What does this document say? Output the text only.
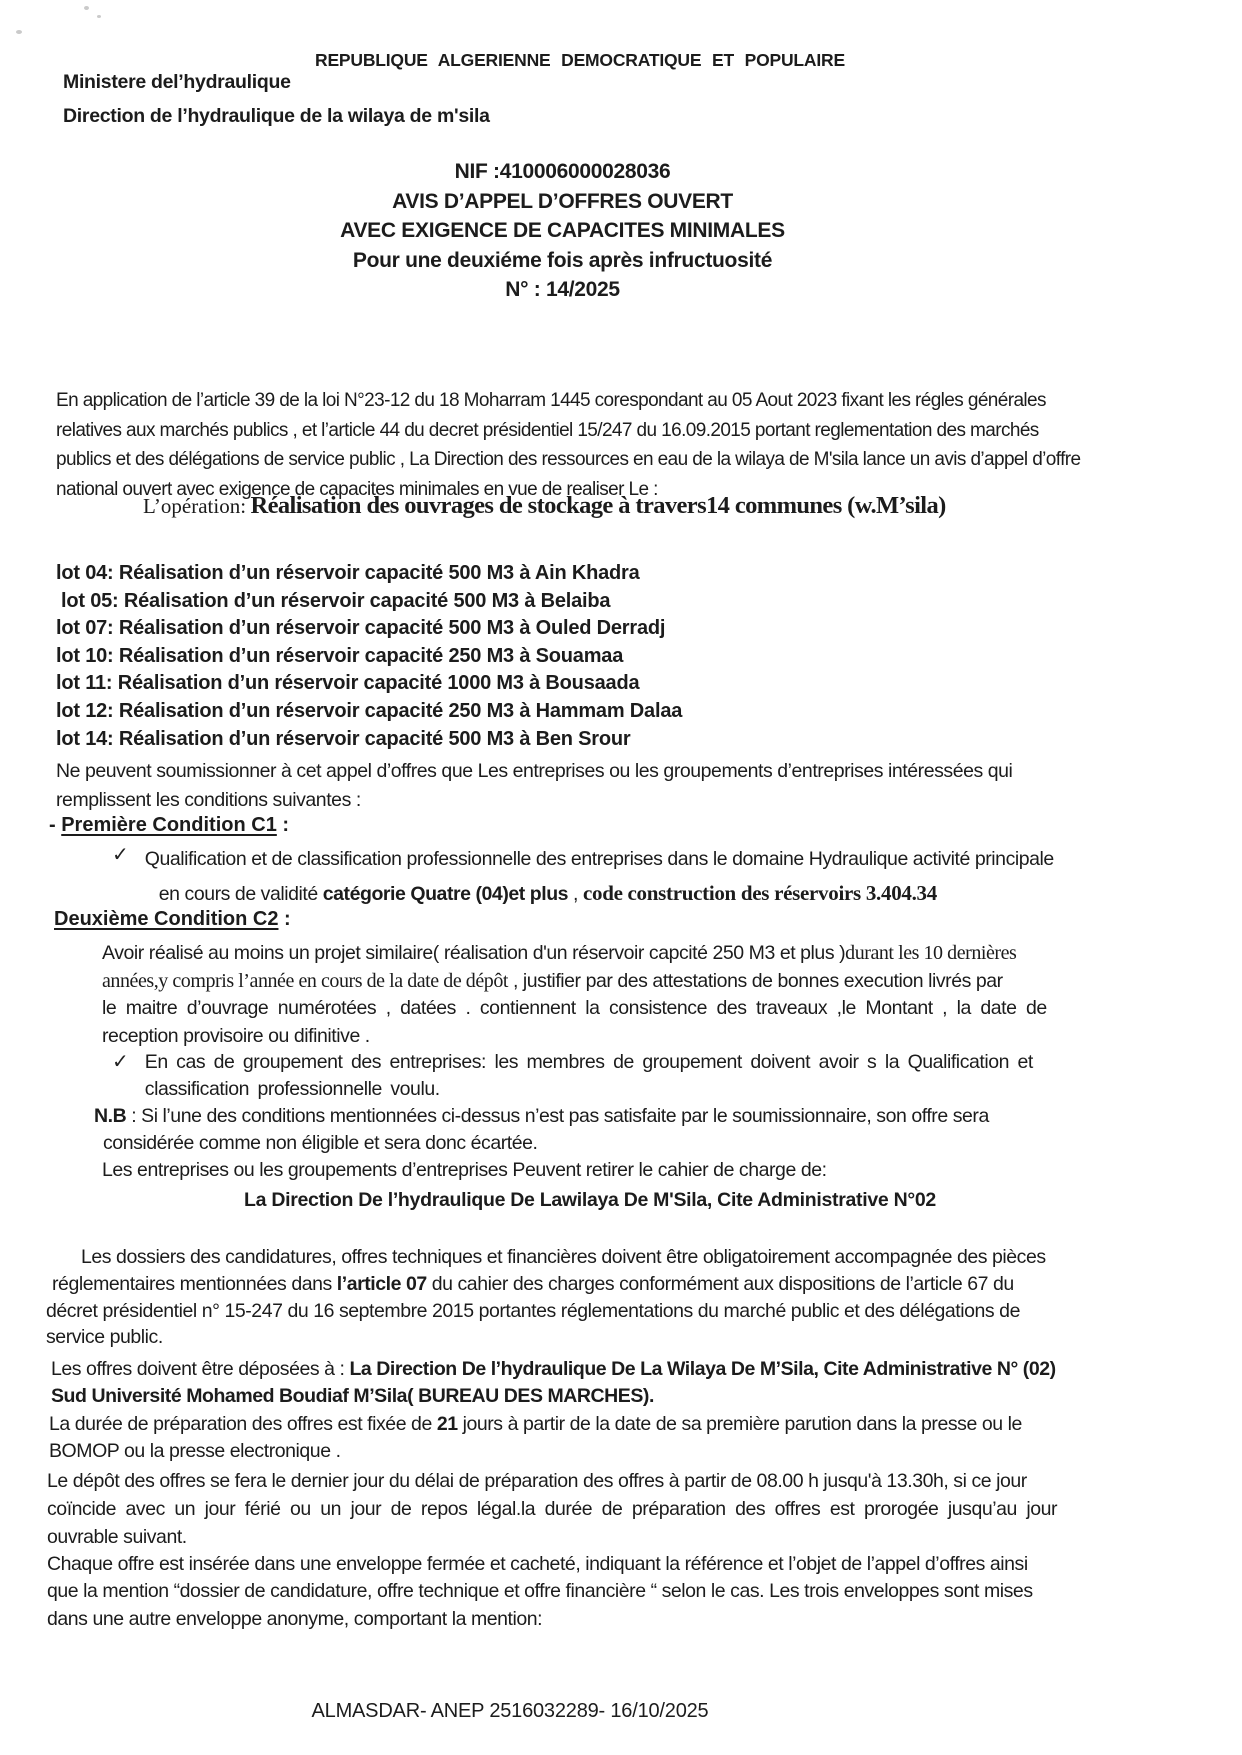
REPUBLIQUE ALGERIENNE DEMOCRATIQUE ET POPULAIRE
Ministere del’hydraulique
Direction de l’hydraulique de la wilaya de m'sila
NIF :410006000028036
AVIS D’APPEL D’OFFRES OUVERT
AVEC EXIGENCE DE CAPACITES MINIMALES
Pour une deuxiéme fois après infructuosité
N° : 14/2025
En application de l’article 39 de la loi N°23-12 du 18 Moharram 1445 corespondant au 05 Aout 2023 fixant les régles générales
relatives aux marchés publics , et l’article 44 du decret présidentiel 15/247 du 16.09.2015 portant reglementation des marchés
publics et des délégations de service public , La Direction des ressources en eau de la wilaya de M'sila lance un avis d’appel d’offre
national ouvert avec exigence de capacites minimales en vue de realiser Le :
L’opération: Réalisation des ouvrages de stockage à travers14 communes (w.M’sila)
lot 04: Réalisation d’un réservoir capacité 500 M3 à Ain Khadra
lot 05: Réalisation d’un réservoir capacité 500 M3 à Belaiba
lot 07: Réalisation d’un réservoir capacité 500 M3 à Ouled Derradj
lot 10: Réalisation d’un réservoir capacité 250 M3 à Souamaa
lot 11: Réalisation d’un réservoir capacité 1000 M3 à Bousaada
lot 12: Réalisation d’un réservoir capacité 250 M3 à Hammam Dalaa
lot 14: Réalisation d’un réservoir capacité 500 M3 à Ben Srour
Ne peuvent soumissionner à cet appel d’offres que Les entreprises ou les groupements d’entreprises intéressées qui
remplissent les conditions suivantes :
- Première Condition C1 :
✓ Qualification et de classification professionnelle des entreprises dans le domaine Hydraulique activité principale
en cours de validité catégorie Quatre (04)et plus , code construction des réservoirs 3.404.34
Deuxième Condition C2 :
Avoir réalisé au moins un projet similaire( réalisation d'un réservoir capcité 250 M3 et plus )durant les 10 dernières
années,y compris l’année en cours de la date de dépôt , justifier par des attestations de bonnes execution livrés par
le maitre d’ouvrage numérotées , datées . contiennent la consistence des traveaux ,le Montant , la date de
reception provisoire ou difinitive .
✓ En cas de groupement des entreprises: les membres de groupement doivent avoir s la Qualification et
classification professionnelle voulu.
N.B : Si l’une des conditions mentionnées ci-dessus n’est pas satisfaite par le soumissionnaire, son offre sera
considérée comme non éligible et sera donc écartée.
Les entreprises ou les groupements d’entreprises Peuvent retirer le cahier de charge de:
La Direction De l’hydraulique De Lawilaya De M'Sila, Cite Administrative N°02
Les dossiers des candidatures, offres techniques et financières doivent être obligatoirement accompagnée des pièces
réglementaires mentionnées dans l’article 07 du cahier des charges conformément aux dispositions de l’article 67 du
décret présidentiel n° 15-247 du 16 septembre 2015 portantes réglementations du marché public et des délégations de
service public.
Les offres doivent être déposées à : La Direction De l’hydraulique De La Wilaya De M’Sila, Cite Administrative N° (02)
Sud Université Mohamed Boudiaf M’Sila( BUREAU DES MARCHES).
La durée de préparation des offres est fixée de 21 jours à partir de la date de sa première parution dans la presse ou le
BOMOP ou la presse electronique .
Le dépôt des offres se fera le dernier jour du délai de préparation des offres à partir de 08.00 h jusqu'à 13.30h, si ce jour
coïncide avec un jour férié ou un jour de repos légal.la durée de préparation des offres est prorogée jusqu’au jour
ouvrable suivant.
Chaque offre est insérée dans une enveloppe fermée et cacheté, indiquant la référence et l’objet de l’appel d’offres ainsi
que la mention “dossier de candidature, offre technique et offre financière “ selon le cas. Les trois enveloppes sont mises
dans une autre enveloppe anonyme, comportant la mention:
ALMASDAR- ANEP 2516032289- 16/10/2025
